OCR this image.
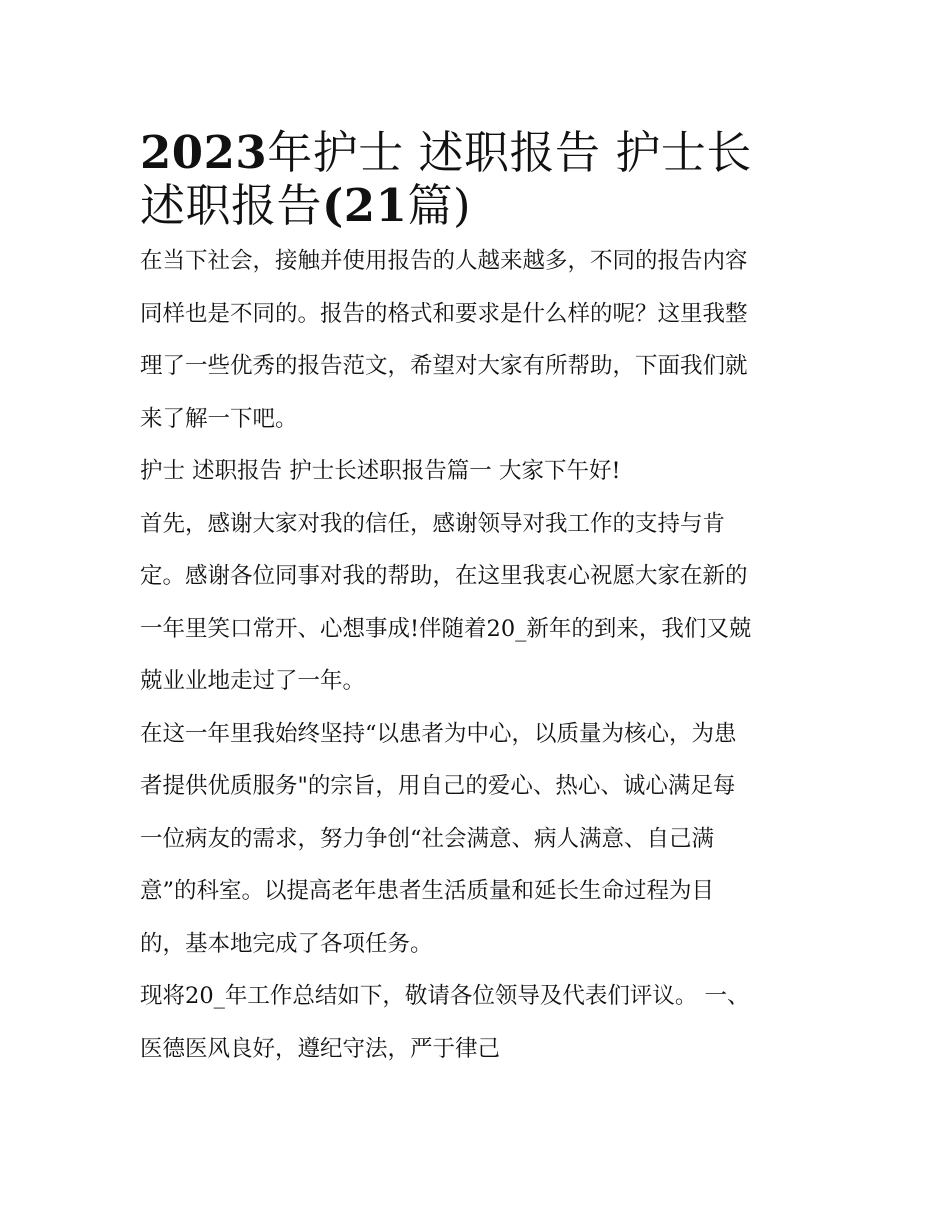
2023年护士 述职报告 护士长
述职报告(21篇)
在当下社会，接触并使用报告的人越来越多，不同的报告内容
同样也是不同的。报告的格式和要求是什么样的呢？这里我整
理了一些优秀的报告范文，希望对大家有所帮助，下面我们就
来了解一下吧。
护士 述职报告 护士长述职报告篇一 大家下午好!
首先，感谢大家对我的信任，感谢领导对我工作的支持与肯
定。感谢各位同事对我的帮助，在这里我衷心祝愿大家在新的
一年里笑口常开、心想事成!伴随着20_新年的到来，我们又兢
兢业业地走过了一年。
在这一年里我始终坚持“以患者为中心，以质量为核心，为患
者提供优质服务"的宗旨，用自己的爱心、热心、诚心满足每
一位病友的需求，努力争创“社会满意、病人满意、自己满
意”的科室。以提高老年患者生活质量和延长生命过程为目
的，基本地完成了各项任务。
现将20_年工作总结如下，敬请各位领导及代表们评议。 一、
医德医风良好，遵纪守法，严于律己
